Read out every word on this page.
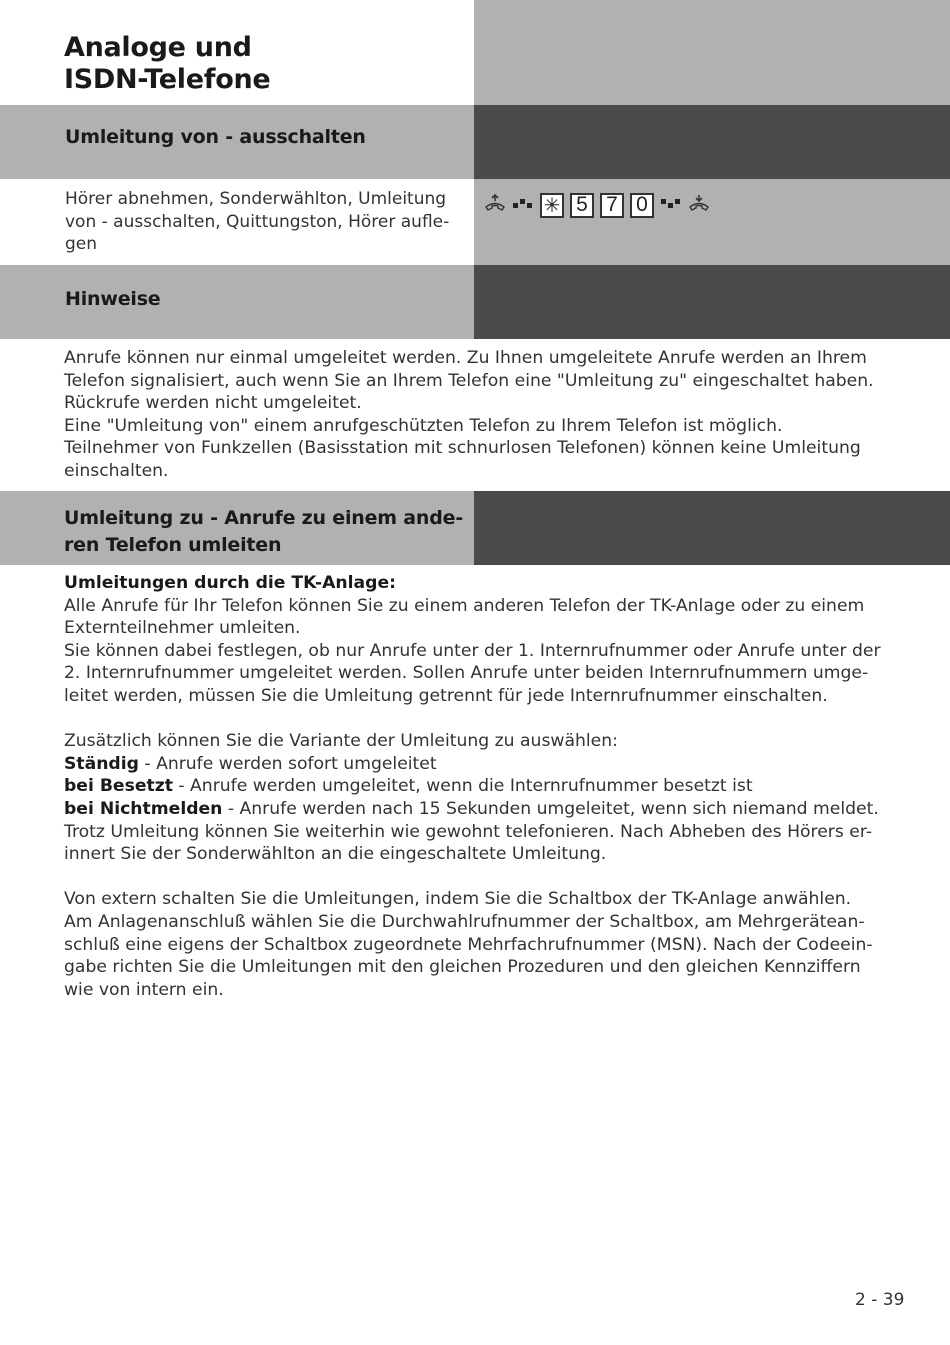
Analoge und
ISDN-Telefone
Umleitung von - ausschalten
Hörer abnehmen, Sonderwählton, Umleitung von - ausschalten, Quittungston, Hörer aufle-gen
✳ 5 7 0
Hinweise

Anrufe können nur einmal umgeleitet werden. Zu Ihnen umgeleitete Anrufe werden an Ihrem

Telefon signalisiert, auch wenn Sie an Ihrem Telefon eine "Umleitung zu" eingeschaltet haben.

Rückrufe werden nicht umgeleitet.

Eine "Umleitung von" einem anrufgeschützten Telefon zu Ihrem Telefon ist möglich.

Teilnehmer von Funkzellen (Basisstation mit schnurlosen Telefonen) können keine Umleitung

einschalten.

Umleitung zu - Anrufe zu einem ande-
ren Telefon umleiten

Umleitungen durch die TK-Anlage:

Alle Anrufe für Ihr Telefon können Sie zu einem anderen Telefon der TK-Anlage oder zu einem

Externteilnehmer umleiten.

Sie können dabei festlegen, ob nur Anrufe unter der 1. Internrufnummer oder Anrufe unter der

2. Internrufnummer umgeleitet werden. Sollen Anrufe unter beiden Internrufnummern umge-

leitet werden, müssen Sie die Umleitung getrennt für jede Internrufnummer einschalten.

Zusätzlich können Sie die Variante der Umleitung zu auswählen:

Ständig - Anrufe werden sofort umgeleitet

bei Besetzt - Anrufe werden umgeleitet, wenn die Internrufnummer besetzt ist

bei Nichtmelden - Anrufe werden nach 15 Sekunden umgeleitet, wenn sich niemand meldet.

Trotz Umleitung können Sie weiterhin wie gewohnt telefonieren. Nach Abheben des Hörers er-

innert Sie der Sonderwählton an die eingeschaltete Umleitung.

Von extern schalten Sie die Umleitungen, indem Sie die Schaltbox der TK-Anlage anwählen.

Am Anlagenanschluß wählen Sie die Durchwahlrufnummer der Schaltbox, am Mehrgerätean-

schluß eine eigens der Schaltbox zugeordnete Mehrfachrufnummer (MSN). Nach der Codeein-

gabe richten Sie die Umleitungen mit den gleichen Prozeduren und den gleichen Kennziffern

wie von intern ein.

2 - 39
